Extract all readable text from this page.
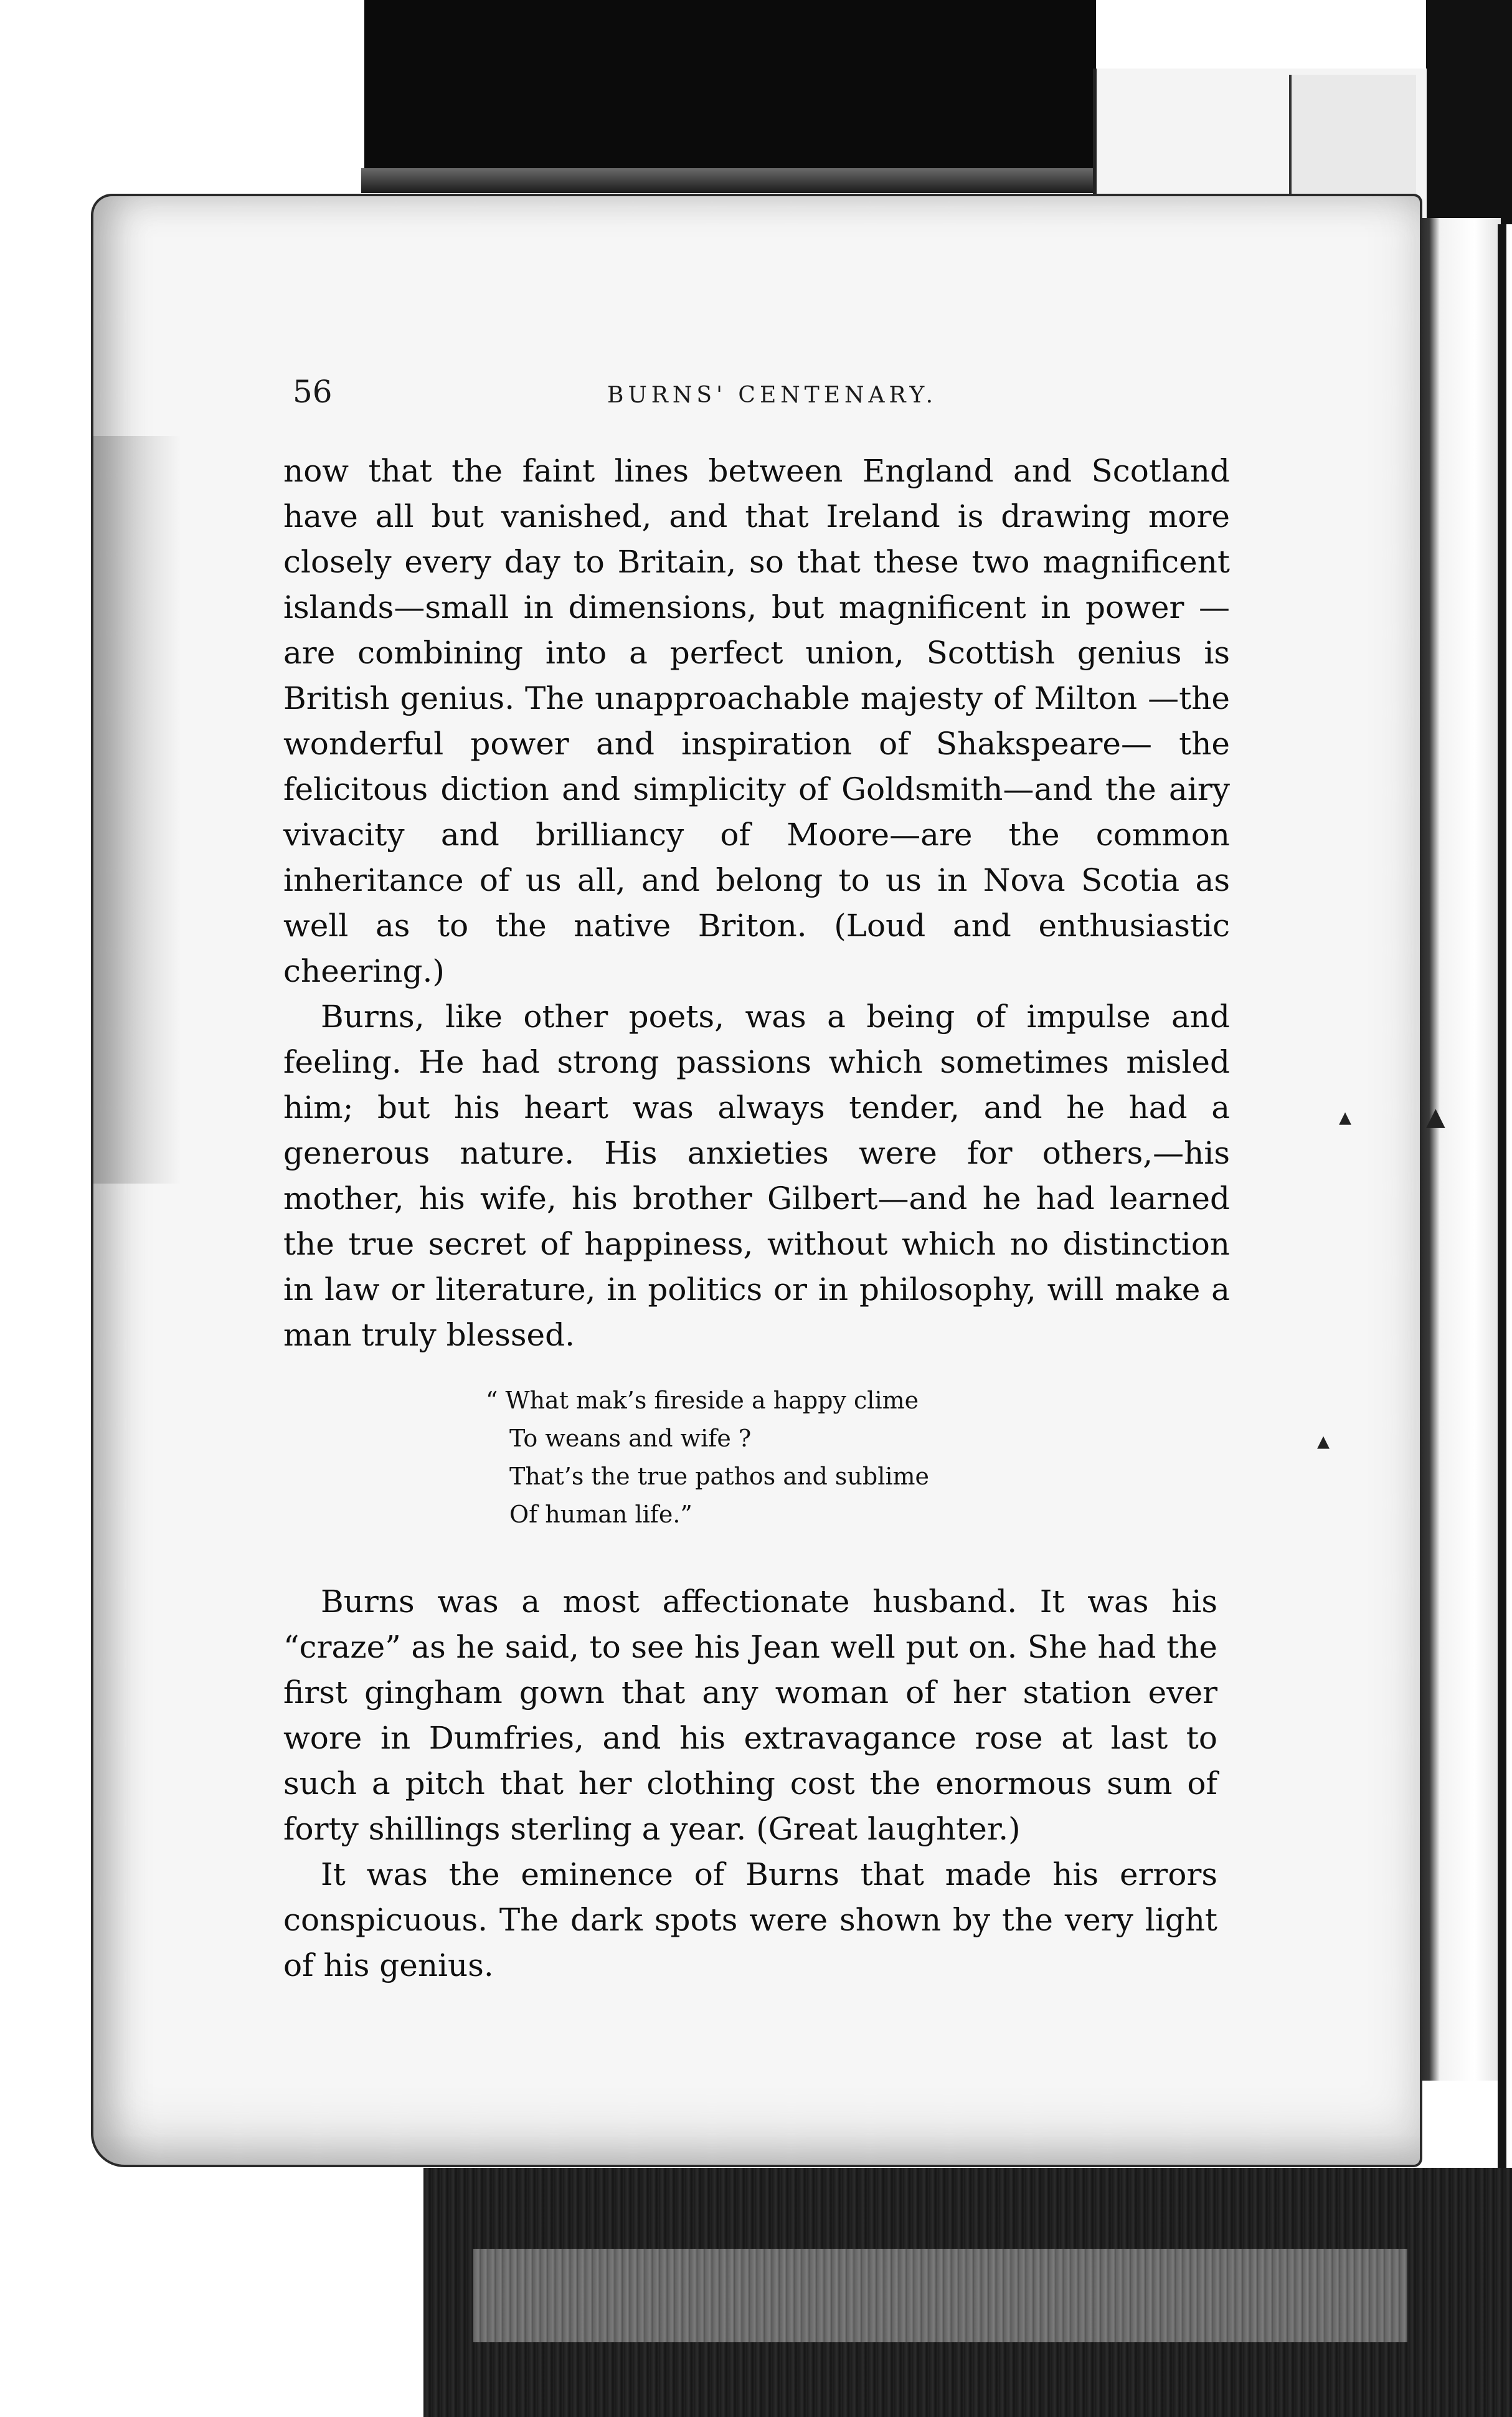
56	BURNS' CENTENARY.

now that the faint lines between England and Scotland have all but vanished, and that Ireland is drawing more closely every day to Britain, so that these two magnificent islands—small in dimensions, but magnificent in power —are combining into a perfect union, Scottish genius is British genius. The unapproachable majesty of Milton —the wonderful power and inspiration of Shakspeare— the felicitous diction and simplicity of Goldsmith—and the airy vivacity and brilliancy of Moore—are the common inheritance of us all, and belong to us in Nova Scotia as well as to the native Briton. (Loud and enthusiastic cheering.)

Burns, like other poets, was a being of impulse and feeling. He had strong passions which sometimes misled him; but his heart was always tender, and he had a generous nature. His anxieties were for others,—his mother, his wife, his brother Gilbert—and he had learned the true secret of happiness, without which no distinction in law or literature, in politics or in philosophy, will make a man truly blessed.

“ What mak’s fireside a happy clime
To weans and wife ?
That’s the true pathos and sublime
Of human life.”

Burns was a most affectionate husband. It was his “craze” as he said, to see his Jean well put on. She had the first gingham gown that any woman of her station ever wore in Dumfries, and his extravagance rose at last to such a pitch that her clothing cost the enormous sum of forty shillings sterling a year. (Great laughter.)

It was the eminence of Burns that made his errors conspicuous. The dark spots were shown by the very light of his genius.

▴	▲
▴
